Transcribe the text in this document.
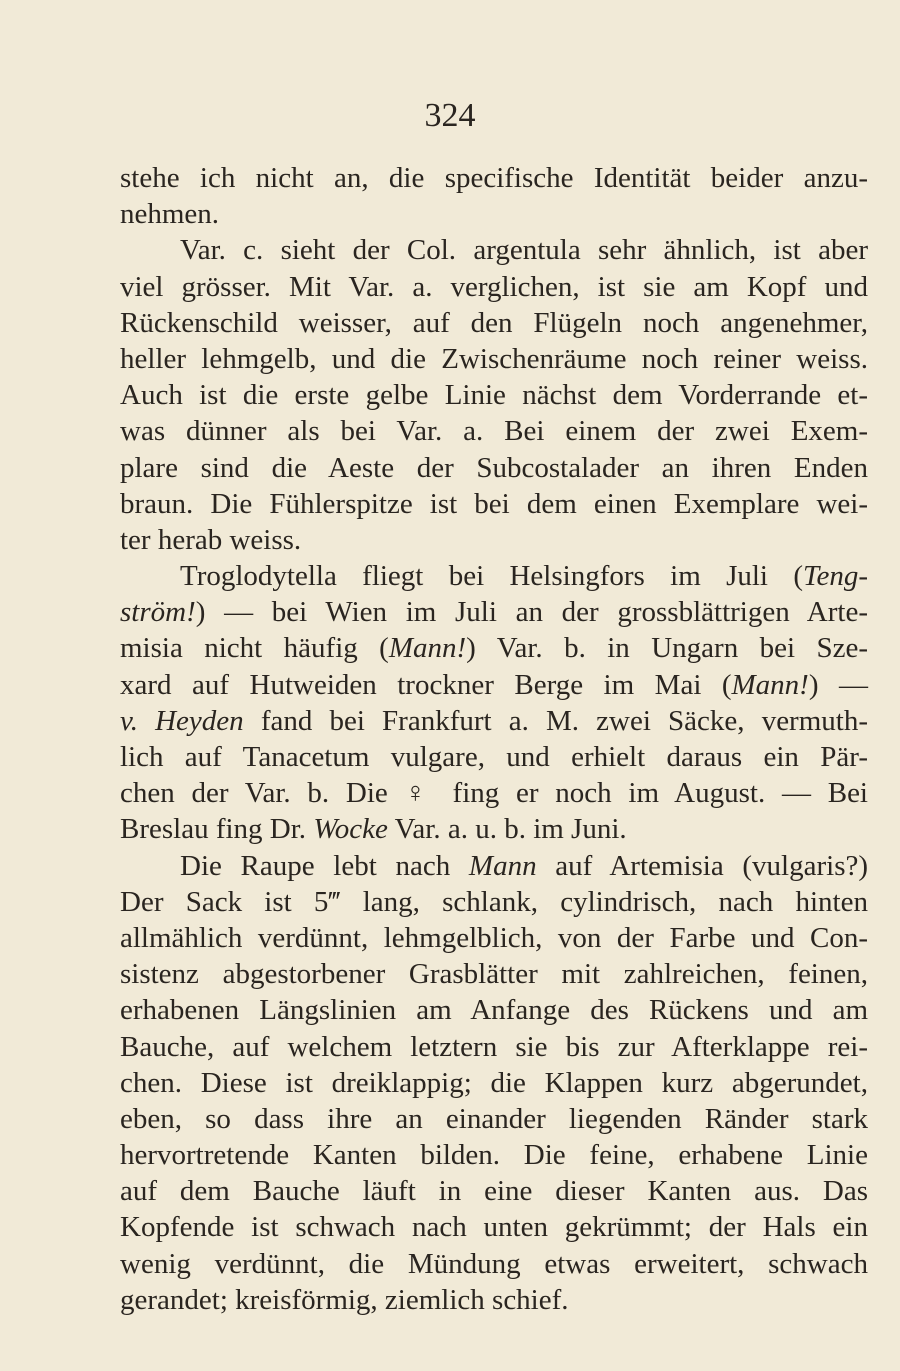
324
stehe ich nicht an, die specifische Identität beider anzu-
nehmen.
Var. c. sieht der Col. argentula sehr ähnlich, ist aber
viel grösser. Mit Var. a. verglichen, ist sie am Kopf und
Rückenschild weisser, auf den Flügeln noch angenehmer,
heller lehmgelb, und die Zwischenräume noch reiner weiss.
Auch ist die erste gelbe Linie nächst dem Vorderrande et-
was dünner als bei Var. a. Bei einem der zwei Exem-
plare sind die Aeste der Subcostalader an ihren Enden
braun. Die Fühlerspitze ist bei dem einen Exemplare wei-
ter herab weiss.
Troglodytella fliegt bei Helsingfors im Juli (Teng-
ström!) — bei Wien im Juli an der grossblättrigen Arte-
misia nicht häufig (Mann!) Var. b. in Ungarn bei Sze-
xard auf Hutweiden trockner Berge im Mai (Mann!) —
v. Heyden fand bei Frankfurt a. M. zwei Säcke, vermuth-
lich auf Tanacetum vulgare, und erhielt daraus ein Pär-
chen der Var. b. Die ♀ fing er noch im August. — Bei
Breslau fing Dr. Wocke Var. a. u. b. im Juni.
Die Raupe lebt nach Mann auf Artemisia (vulgaris?)
Der Sack ist 5‴ lang, schlank, cylindrisch, nach hinten
allmählich verdünnt, lehmgelblich, von der Farbe und Con-
sistenz abgestorbener Grasblätter mit zahlreichen, feinen,
erhabenen Längslinien am Anfange des Rückens und am
Bauche, auf welchem letztern sie bis zur Afterklappe rei-
chen. Diese ist dreiklappig; die Klappen kurz abgerundet,
eben, so dass ihre an einander liegenden Ränder stark
hervortretende Kanten bilden. Die feine, erhabene Linie
auf dem Bauche läuft in eine dieser Kanten aus. Das
Kopfende ist schwach nach unten gekrümmt; der Hals ein
wenig verdünnt, die Mündung etwas erweitert, schwach
gerandet; kreisförmig, ziemlich schief.
